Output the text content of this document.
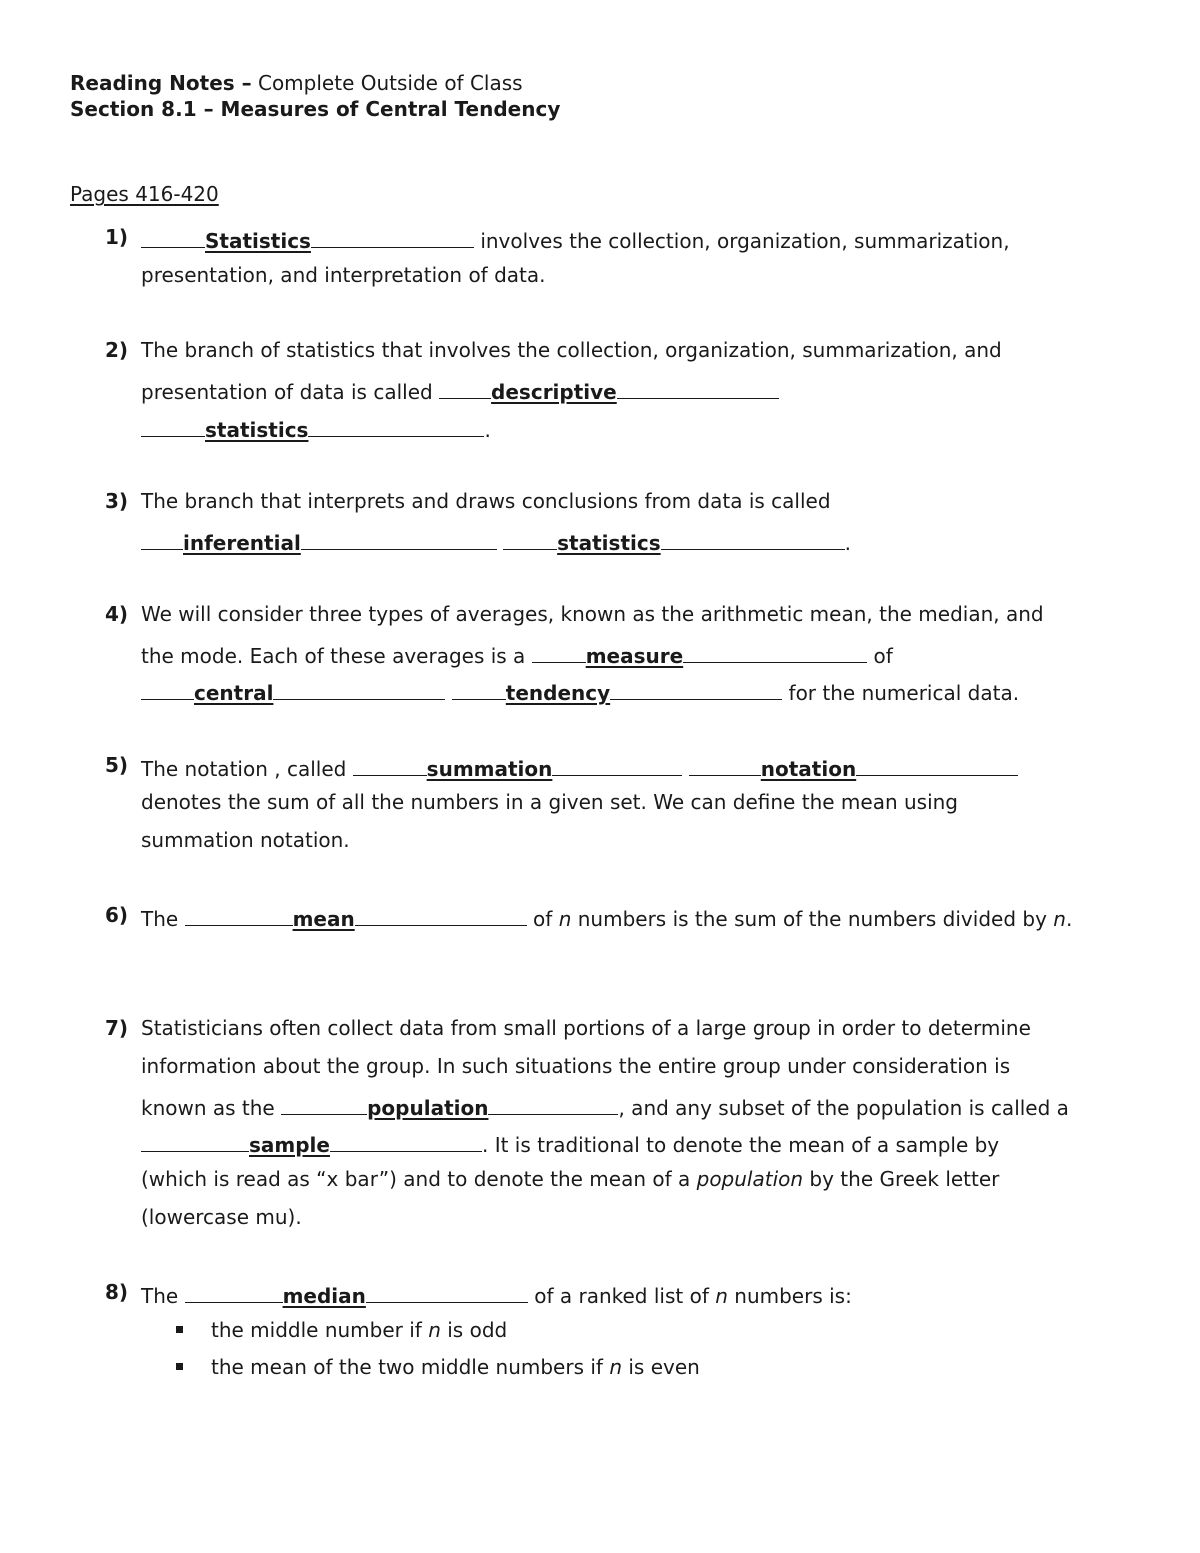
Reading Notes – Complete Outside of Class
Section 8.1 – Measures of Central Tendency
Pages 416-420
1)	Statistics	involves the collection, organization, summarization,
presentation, and interpretation of data.
2) The branch of statistics that involves the collection, organization, summarization, and
presentation of data is called	descriptive
statistics	.
3) The branch that interprets and draws conclusions from data is called
inferential	statistics	.
4) We will consider three types of averages, known as the arithmetic mean, the median, and
the mode. Each of these averages is a	measure	of
central	tendency	for the numerical data.
5) The notation , called	summation	notation
denotes the sum of all the numbers in a given set. We can define the mean using
summation notation.
6) The	mean	of n numbers is the sum of the numbers divided by n.
7) Statisticians often collect data from small portions of a large group in order to determine
information about the group. In such situations the entire group under consideration is
known as the	population	, and any subset of the population is called a
sample	. It is traditional to denote the mean of a sample by
(which is read as “x bar”) and to denote the mean of a population by the Greek letter
(lowercase mu).
8) The	median	of a ranked list of n numbers is:
the middle number if n is odd
the mean of the two middle numbers if n is even
